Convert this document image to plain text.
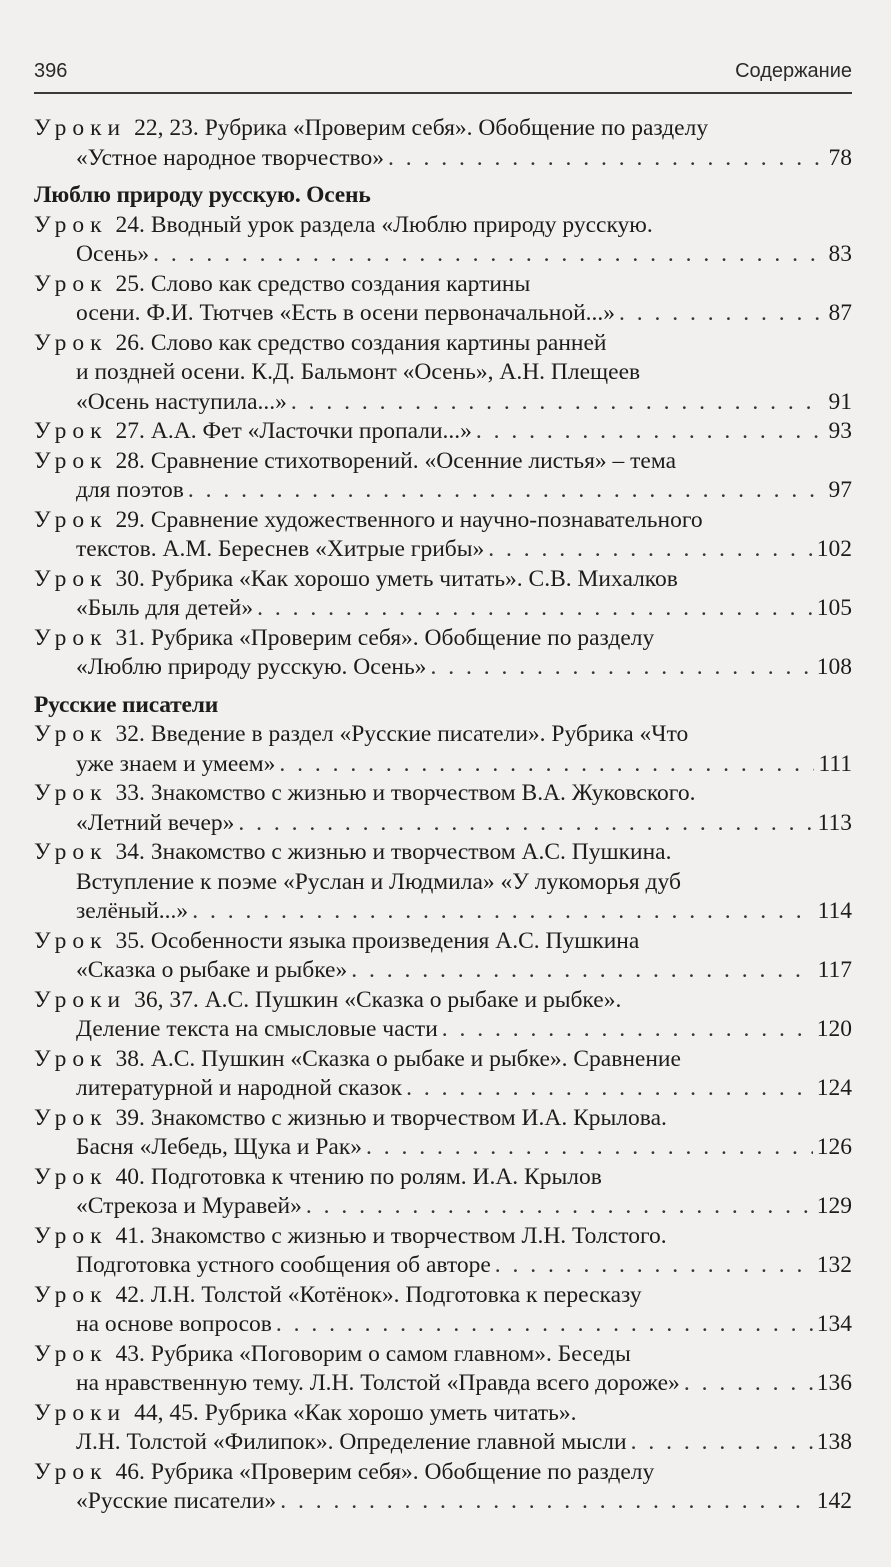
396	Содержание
Уроки 22, 23. Рубрика «Проверим себя». Обобщение по разделу
«Устное народное творчество» . . .	78
Люблю природу русскую. Осень
Урок 24. Вводный урок раздела «Люблю природу русскую.
Осень» . . .	83
Урок 25. Слово как средство создания картины
осени. Ф.И. Тютчев «Есть в осени первоначальной...» . . .	87
Урок 26. Слово как средство создания картины ранней
и поздней осени. К.Д. Бальмонт «Осень», А.Н. Плещеев
«Осень наступила...» . . .	91
Урок 27. А.А. Фет «Ласточки пропали...» . . .	93
Урок 28. Сравнение стихотворений. «Осенние листья» – тема
для поэтов . . .	97
Урок 29. Сравнение художественного и научно-познавательного
текстов. А.М. Береснев «Хитрые грибы» . . .	102
Урок 30. Рубрика «Как хорошо уметь читать». С.В. Михалков
«Быль для детей» . . .	105
Урок 31. Рубрика «Проверим себя». Обобщение по разделу
«Люблю природу русскую. Осень» . . .	108
Русские писатели
Урок 32. Введение в раздел «Русские писатели». Рубрика «Что
уже знаем и умеем» . . .	111
Урок 33. Знакомство с жизнью и творчеством В.А. Жуковского.
«Летний вечер» . . .	113
Урок 34. Знакомство с жизнью и творчеством А.С. Пушкина.
Вступление к поэме «Руслан и Людмила» «У лукоморья дуб
зелёный...» . . .	114
Урок 35. Особенности языка произведения А.С. Пушкина
«Сказка о рыбаке и рыбке» . . .	117
Уроки 36, 37. А.С. Пушкин «Сказка о рыбаке и рыбке».
Деление текста на смысловые части . . .	120
Урок 38. А.С. Пушкин «Сказка о рыбаке и рыбке». Сравнение
литературной и народной сказок . . .	124
Урок 39. Знакомство с жизнью и творчеством И.А. Крылова.
Басня «Лебедь, Щука и Рак» . . .	126
Урок 40. Подготовка к чтению по ролям. И.А. Крылов
«Стрекоза и Муравей» . . .	129
Урок 41. Знакомство с жизнью и творчеством Л.Н. Толстого.
Подготовка устного сообщения об авторе . . .	132
Урок 42. Л.Н. Толстой «Котёнок». Подготовка к пересказу
на основе вопросов . . .	134
Урок 43. Рубрика «Поговорим о самом главном». Беседы
на нравственную тему. Л.Н. Толстой «Правда всего дороже» . . .	136
Уроки 44, 45. Рубрика «Как хорошо уметь читать».
Л.Н. Толстой «Филипок». Определение главной мысли . . .	138
Урок 46. Рубрика «Проверим себя». Обобщение по разделу
«Русские писатели» . . .	142
